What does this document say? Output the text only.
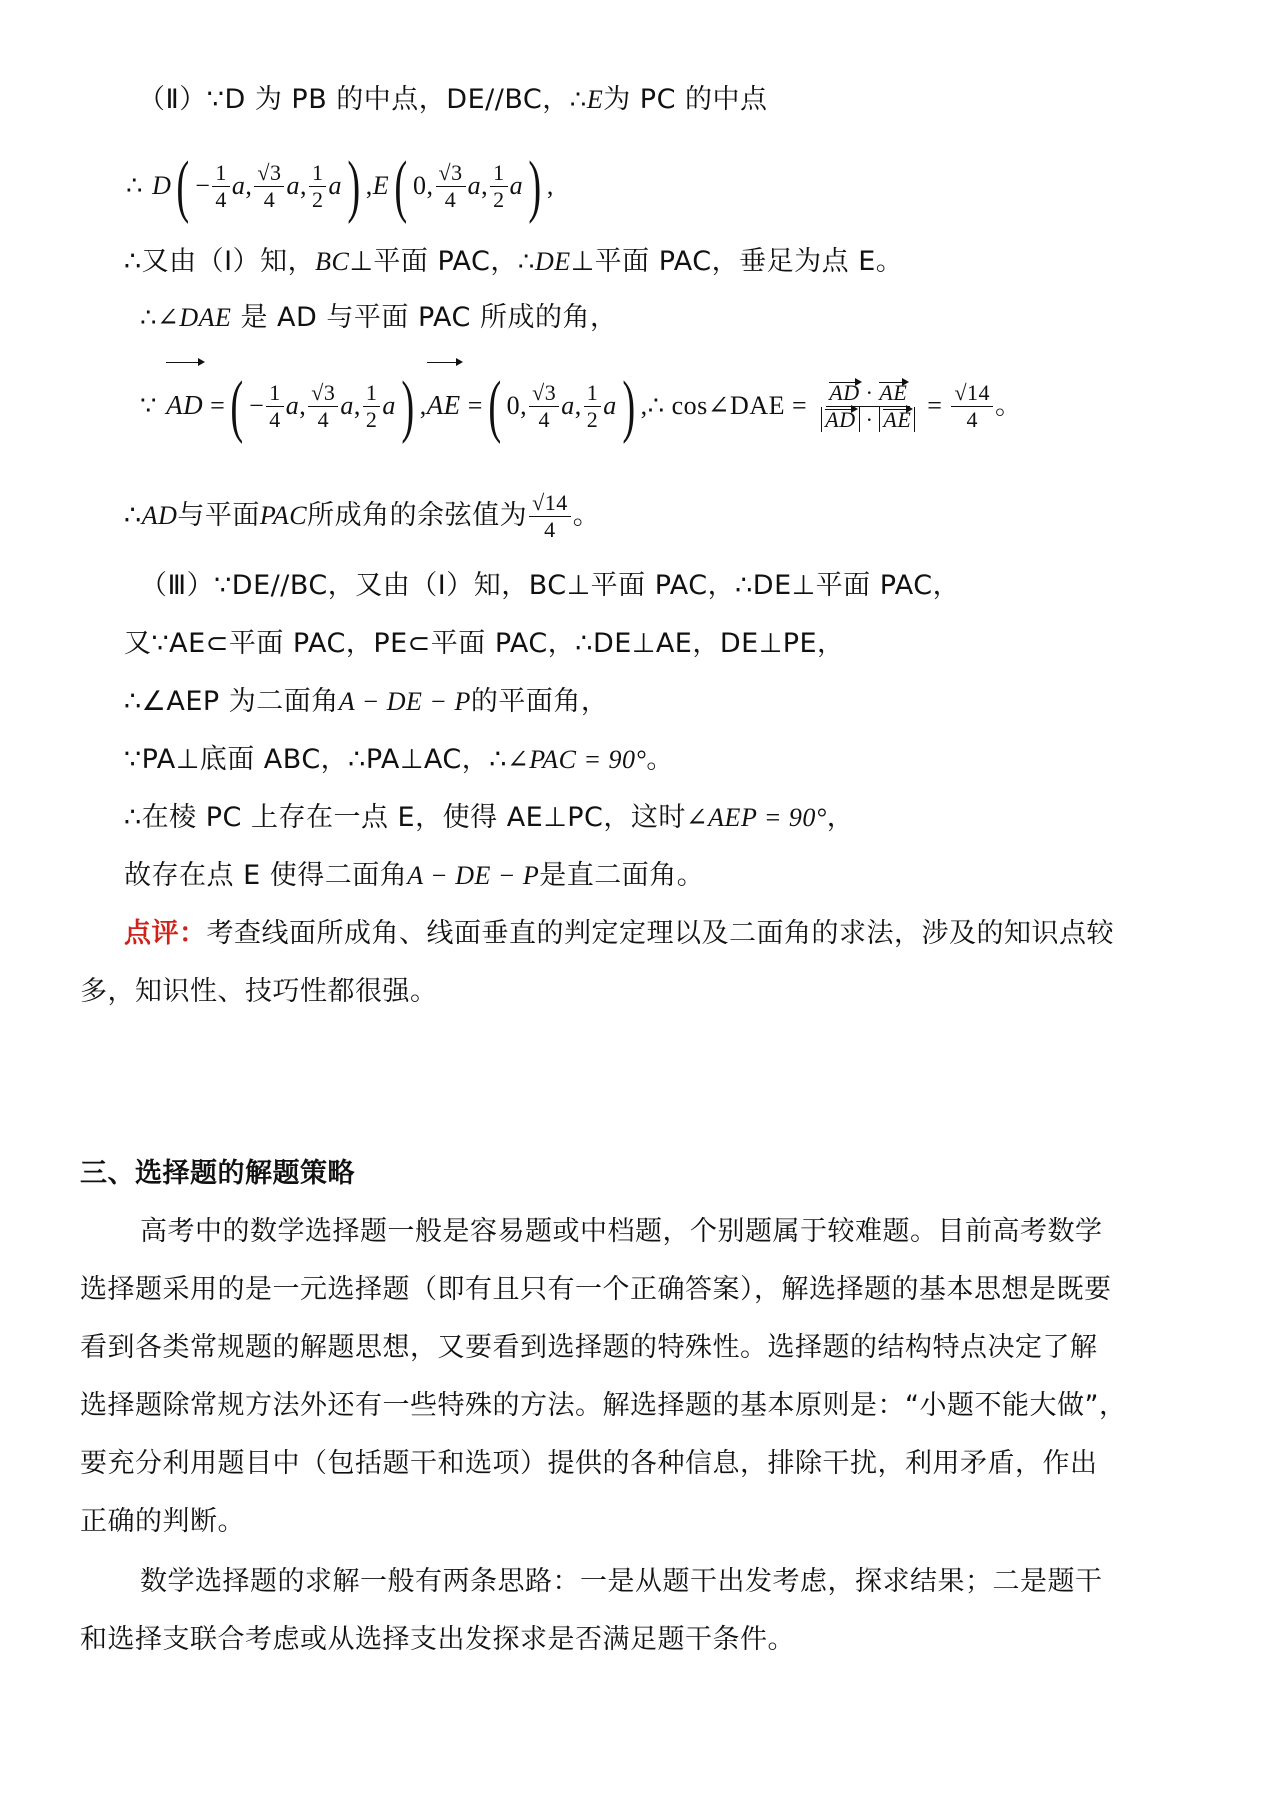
（Ⅱ）∵D 为 PB 的中点，DE//BC，∴E为 PC 的中点
∴ $D( - \frac{1}{4} a$, $\frac{√3}{4} a$, $\frac{1}{2} a$) ,E( 0, $\frac{√3}{4} a$, $\frac{1}{2} a$) ,
∴又由（Ⅰ）知，BC⊥平面 PAC，∴DE⊥平面 PAC，垂足为点 E。
∴∠DAE 是 AD 与平面 PAC 所成的角，
∵ AD =( − $\frac{1}{4} a$, $\frac{√3}{4} a$, $\frac{1}{2} a$) ,AE =( 0, $\frac{√3}{4} a$, $\frac{1}{2} a$) ,∴ cos∠DAE = $\frac{AD \cdot AE}{AD \cdot AE} = \frac{√14}{4}$ 。
∴AD与平面PAC所成角的余弦值为 $\frac{√14}{4}$ 。
（Ⅲ）∵DE//BC，又由（Ⅰ）知，BC⊥平面 PAC，∴DE⊥平面 PAC，
又∵AE⊂平面 PAC，PE⊂平面 PAC，∴DE⊥AE，DE⊥PE，
∴∠AEP 为二面角A − DE − P的平面角，
∵PA⊥底面 ABC，∴PA⊥AC，∴∠PAC = 90°。
∴在棱 PC 上存在一点 E，使得 AE⊥PC，这时∠AEP = 90°，
故存在点 E 使得二面角A − DE − P是直二面角。
点评：考查线面所成角、线面垂直的判定定理以及二面角的求法，涉及的知识点较
多，知识性、技巧性都很强。
三、选择题的解题策略
高考中的数学选择题一般是容易题或中档题，个别题属于较难题。目前高考数学
选择题采用的是一元选择题（即有且只有一个正确答案），解选择题的基本思想是既要
看到各类常规题的解题思想，又要看到选择题的特殊性。选择题的结构特点决定了解
选择题除常规方法外还有一些特殊的方法。解选择题的基本原则是：“小题不能大做”，
要充分利用题目中（包括题干和选项）提供的各种信息，排除干扰，利用矛盾，作出
正确的判断。
数学选择题的求解一般有两条思路：一是从题干出发考虑，探求结果；二是题干
和选择支联合考虑或从选择支出发探求是否满足题干条件。
